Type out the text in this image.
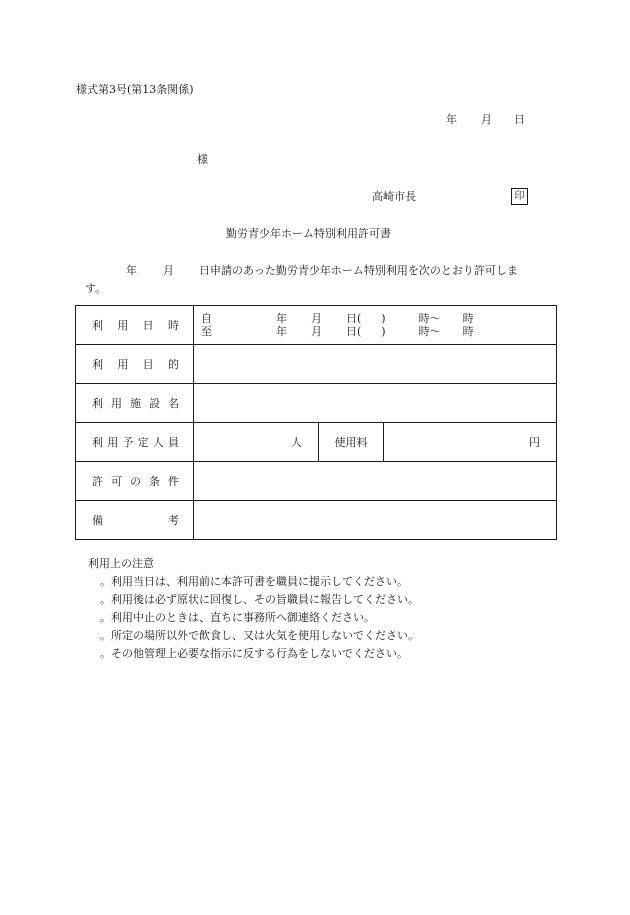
様式第3号(第13条関係)
年 月 日
様
高崎市長	印
勤労青少年ホーム特別利用許可書
年 月 日申請のあった勤労青少年ホーム特別利用を次のとおり許可しま
す。
利用日時	自 年 月 日( ) 時～ 時
至 年 月 日( ) 時～ 時		

利用目的			

利用施設名			

利用予定人員	人	使用料	円

許可の条件			

備考			

利用上の注意
。利用当日は、利用前に本許可書を職員に提示してください。
。利用後は必ず原状に回復し、その旨職員に報告してください。
。利用中止のときは、直ちに事務所へ御連絡ください。
。所定の場所以外で飲食し、又は火気を使用しないでください。
。その他管理上必要な指示に反する行為をしないでください。
